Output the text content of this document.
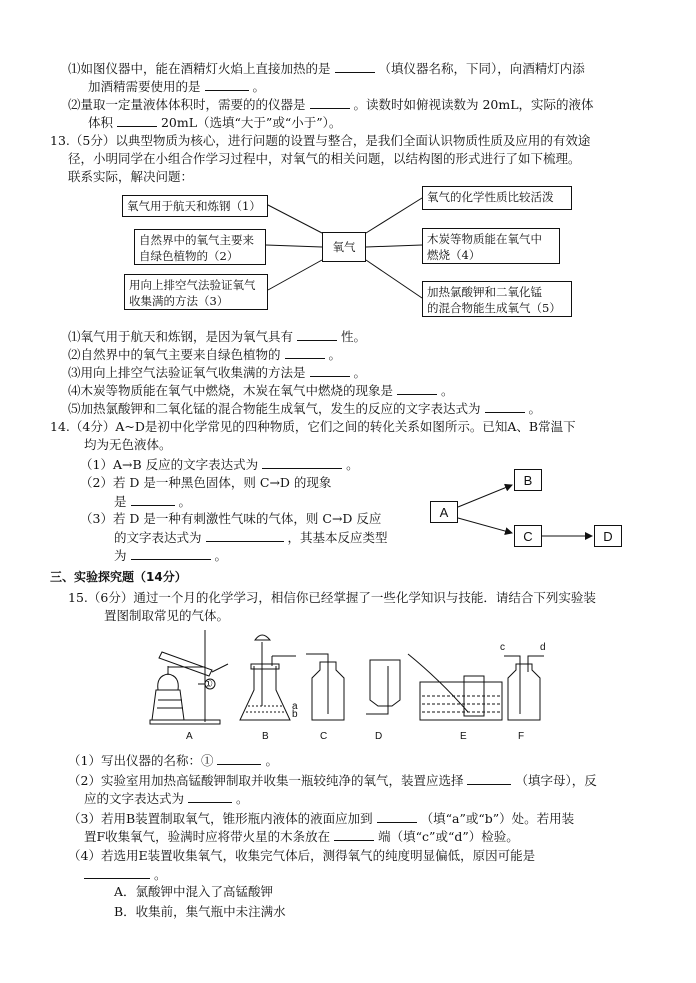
⑴如图仪器中，能在酒精灯火焰上直接加热的是	（填仪器名称，下同），向酒精灯内添
加酒精需要使用的是	。
⑵量取一定量液体体积时，需要的的仪器是	。读数时如俯视读数为 20mL，实际的液体
体积	20mL（选填“大于”或“小于”）。
13.（5分）以典型物质为核心，进行问题的设置与整合，是我们全面认识物质性质及应用的有效途
径，小明同学在小组合作学习过程中，对氧气的相关问题，以结构图的形式进行了如下梳理。
联系实际，解决问题：
氧气用于航天和炼钢（1）
自然界中的氧气主要来
自绿色植物的（2）
用向上排空气法验证氧气
收集满的方法（3）
氧气
氧气的化学性质比较活泼
木炭等物质能在氧气中
燃烧（4）
加热氯酸钾和二氧化锰
的混合物能生成氧气（5）
⑴氧气用于航天和炼钢，是因为氧气具有	性。
⑵自然界中的氧气主要来自绿色植物的	。
⑶用向上排空气法验证氧气收集满的方法是	。
⑷木炭等物质能在氧气中燃烧，木炭在氧气中燃烧的现象是	。
⑸加热氯酸钾和二氧化锰的混合物能生成氧气，发生的反应的文字表达式为	。
14.（4分）A~D是初中化学常见的四种物质，它们之间的转化关系如图所示。已知A、B常温下
均为无色液体。
（1）A→B 反应的文字表达式为	。
（2）若 D 是一种黑色固体，则 C→D 的现象
是	。
（3）若 D 是一种有刺激性气味的气体，则 C→D 反应
的文字表达式为	，其基本反应类型
为	。
A
B
C	D
三、实验探究题（14分）
15.（6分）通过一个月的化学学习，相信你已经掌握了一些化学知识与技能．请结合下列实验装
置图制取常见的气体。
①
a
b
c	d
A	B	C	D	E	F
（1）写出仪器的名称：①	。
（2）实验室用加热高锰酸钾制取并收集一瓶较纯净的氧气，装置应选择	（填字母），反
应的文字表达式为	。
（3）若用B装置制取氧气，锥形瓶内液体的液面应加到	（填“a”或“b”）处。若用装
置F收集氧气，验满时应将带火星的木条放在	端（填“c”或“d”）检验。
（4）若选用E装置收集氧气，收集完气体后，测得氧气的纯度明显偏低，原因可能是
。
A．氯酸钾中混入了高锰酸钾
B．收集前，集气瓶中未注满水
